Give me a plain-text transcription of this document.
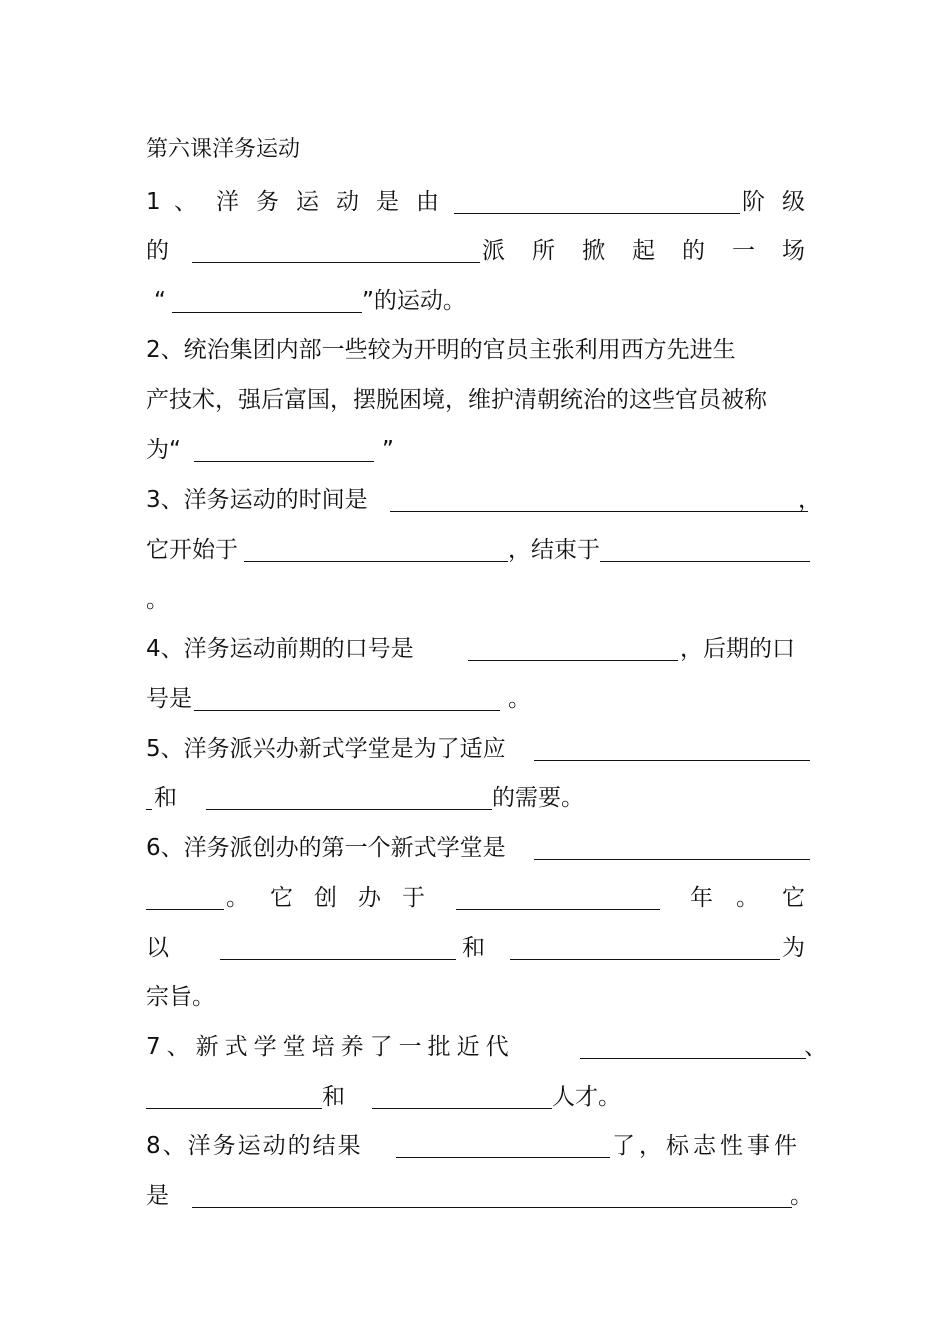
第六课洋务运动
1 、 洋 务 运 动 是 由	阶 级
的	派 所 掀 起 的 一 场
“	”的运动。
2、统治集团内部一些较为开明的官员主张利用西方先进生
产技术，强后富国，摆脱困境，维护清朝统治的这些官员被称
为“	”
3、洋务运动的时间是	，
它开始于	，结束于
。
4、洋务运动前期的口号是	，后期的口
号是	。
5、洋务派兴办新式学堂是为了适应
和	的需要。
6、洋务派创办的第一个新式学堂是
。 它 创 办 于	年 。 它
以	和	为
宗旨。
7、新式学堂培养了一批近代	、
和	人才。
8、洋务运动的结果	了，标志性事件
是	。
